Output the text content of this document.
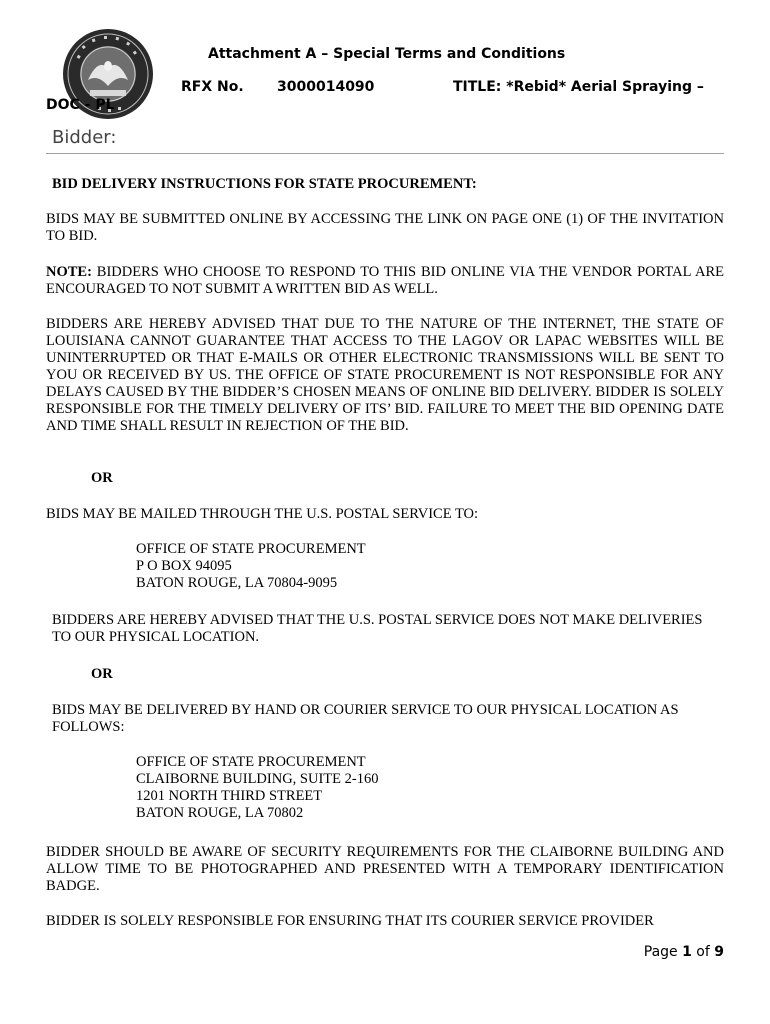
Attachment A – Special Terms and Conditions
RFX No. 3000014090	TITLE: *Rebid* Aerial Spraying –
DOC - PL
Bidder:
BID DELIVERY INSTRUCTIONS FOR STATE PROCUREMENT:
BIDS MAY BE SUBMITTED ONLINE BY ACCESSING THE LINK ON PAGE ONE (1) OF THE INVITATION TO BID.
NOTE: BIDDERS WHO CHOOSE TO RESPOND TO THIS BID ONLINE VIA THE VENDOR PORTAL ARE ENCOURAGED TO NOT SUBMIT A WRITTEN BID AS WELL.
BIDDERS ARE HEREBY ADVISED THAT DUE TO THE NATURE OF THE INTERNET, THE STATE OF LOUISIANA CANNOT GUARANTEE THAT ACCESS TO THE LAGOV OR LAPAC WEBSITES WILL BE UNINTERRUPTED OR THAT E-MAILS OR OTHER ELECTRONIC TRANSMISSIONS WILL BE SENT TO YOU OR RECEIVED BY US. THE OFFICE OF STATE PROCUREMENT IS NOT RESPONSIBLE FOR ANY DELAYS CAUSED BY THE BIDDER’S CHOSEN MEANS OF ONLINE BID DELIVERY. BIDDER IS SOLELY RESPONSIBLE FOR THE TIMELY DELIVERY OF ITS’ BID. FAILURE TO MEET THE BID OPENING DATE AND TIME SHALL RESULT IN REJECTION OF THE BID.
OR
BIDS MAY BE MAILED THROUGH THE U.S. POSTAL SERVICE TO:
OFFICE OF STATE PROCUREMENT
P O BOX 94095
BATON ROUGE, LA 70804-9095
BIDDERS ARE HEREBY ADVISED THAT THE U.S. POSTAL SERVICE DOES NOT MAKE DELIVERIES TO OUR PHYSICAL LOCATION.
OR
BIDS MAY BE DELIVERED BY HAND OR COURIER SERVICE TO OUR PHYSICAL LOCATION AS FOLLOWS:
OFFICE OF STATE PROCUREMENT
CLAIBORNE BUILDING, SUITE 2-160
1201 NORTH THIRD STREET
BATON ROUGE, LA 70802
BIDDER SHOULD BE AWARE OF SECURITY REQUIREMENTS FOR THE CLAIBORNE BUILDING AND ALLOW TIME TO BE PHOTOGRAPHED AND PRESENTED WITH A TEMPORARY IDENTIFICATION BADGE.
BIDDER IS SOLELY RESPONSIBLE FOR ENSURING THAT ITS COURIER SERVICE PROVIDER
Page 1 of 9
